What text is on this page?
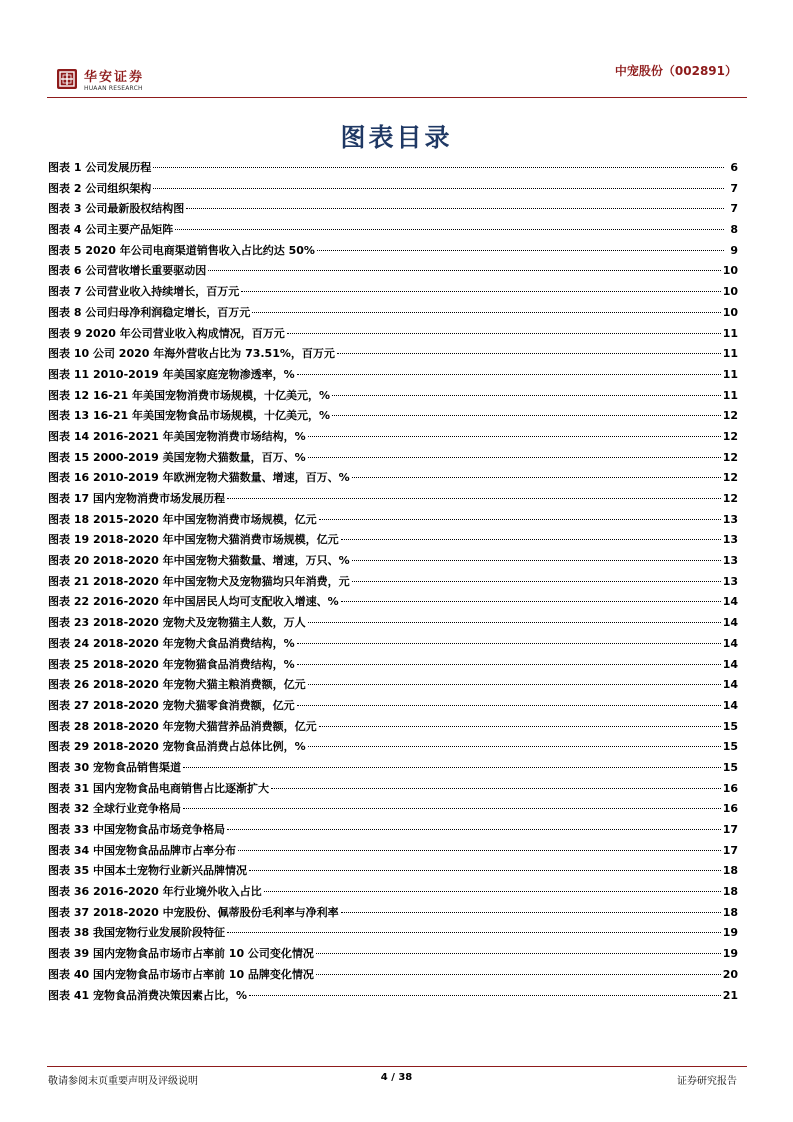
华安证券
HUAAN RESEARCH
中宠股份（002891）
图表目录
图表 1 公司发展历程	6
图表 2 公司组织架构	7
图表 3 公司最新股权结构图	7
图表 4 公司主要产品矩阵	8
图表 5 2020 年公司电商渠道销售收入占比约达 50%	9
图表 6 公司营收增长重要驱动因	10
图表 7 公司营业收入持续增长，百万元	10
图表 8 公司归母净利润稳定增长，百万元	10
图表 9 2020 年公司营业收入构成情况，百万元	11
图表 10 公司 2020 年海外营收占比为 73.51%，百万元	11
图表 11 2010-2019 年美国家庭宠物渗透率，%	11
图表 12 16-21 年美国宠物消费市场规模，十亿美元，%	11
图表 13 16-21 年美国宠物食品市场规模，十亿美元，%	12
图表 14 2016-2021 年美国宠物消费市场结构，%	12
图表 15 2000-2019 美国宠物犬猫数量，百万、%	12
图表 16 2010-2019 年欧洲宠物犬猫数量、增速，百万、%	12
图表 17 国内宠物消费市场发展历程	12
图表 18 2015-2020 年中国宠物消费市场规模，亿元	13
图表 19 2018-2020 年中国宠物犬猫消费市场规模，亿元	13
图表 20 2018-2020 年中国宠物犬猫数量、增速，万只、%	13
图表 21 2018-2020 年中国宠物犬及宠物猫均只年消费，元	13
图表 22 2016-2020 年中国居民人均可支配收入增速、%	14
图表 23 2018-2020 宠物犬及宠物猫主人数，万人	14
图表 24 2018-2020 年宠物犬食品消费结构，%	14
图表 25 2018-2020 年宠物猫食品消费结构，%	14
图表 26 2018-2020 年宠物犬猫主粮消费额，亿元	14
图表 27 2018-2020 宠物犬猫零食消费额，亿元	14
图表 28 2018-2020 年宠物犬猫营养品消费额，亿元	15
图表 29 2018-2020 宠物食品消费占总体比例，%	15
图表 30 宠物食品销售渠道	15
图表 31 国内宠物食品电商销售占比逐渐扩大	16
图表 32 全球行业竞争格局	16
图表 33 中国宠物食品市场竞争格局	17
图表 34 中国宠物食品品牌市占率分布	17
图表 35 中国本土宠物行业新兴品牌情况	18
图表 36 2016-2020 年行业境外收入占比	18
图表 37 2018-2020 中宠股份、佩蒂股份毛利率与净利率	18
图表 38 我国宠物行业发展阶段特征	19
图表 39 国内宠物食品市场市占率前 10 公司变化情况	19
图表 40 国内宠物食品市场市占率前 10 品牌变化情况	20
图表 41 宠物食品消费决策因素占比，%	21
敬请参阅末页重要声明及评级说明	4 / 38	证券研究报告
